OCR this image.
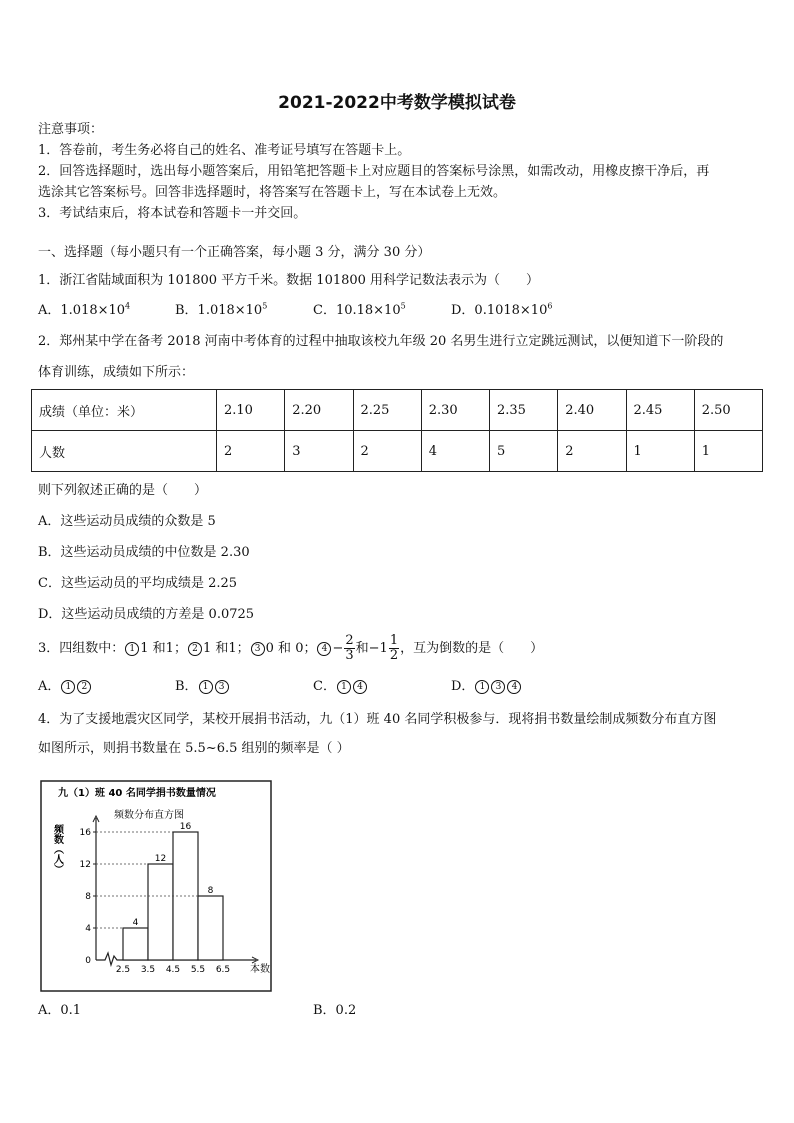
2021-2022中考数学模拟试卷
注意事项：
1．答卷前，考生务必将自己的姓名、准考证号填写在答题卡上。
2．回答选择题时，选出每小题答案后，用铅笔把答题卡上对应题目的答案标号涂黑，如需改动，用橡皮擦干净后，再
选涂其它答案标号。回答非选择题时，将答案写在答题卡上，写在本试卷上无效。
3．考试结束后，将本试卷和答题卡一并交回。
一、选择题（每小题只有一个正确答案，每小题 3 分，满分 30 分）
1．浙江省陆域面积为 101800 平方千米。数据 101800 用科学记数法表示为（　　）
A．$1.018\times 10^4$	B．$1.018\times 10^5$	C．$10.18\times 10^5$	D．$0.1018\times 10^6$
2．郑州某中学在备考 2018 河南中考体育的过程中抽取该校九年级 20 名男生进行立定跳远测试，以便知道下一阶段的
体育训练，成绩如下所示：
成绩（单位：米）	2.10	2.20	2.25	2.30	2.35	2.40	2.45	2.50
人数	2	3	2	4	5	2	1	1
则下列叙述正确的是（　　）
A．这些运动员成绩的众数是 5
B．这些运动员成绩的中位数是 2.30
C．这些运动员的平均成绩是 2.25
D．这些运动员成绩的方差是 0.0725
3．四组数中： 1 1 和1； 2 1 和1； 3 0 和 0； $4 - \frac{2}{3}$ 和$-1 \frac{1}{2}$ ，互为倒数的是（　　）
A． 1 2	B． 1 3	C． 1 4	D． 1 3 4
4．为了支援地震灾区同学，某校开展捐书活动，九（1）班 40 名同学积极参与．现将捐书数量绘制成频数分布直方图
如图所示，则捐书数量在 5.5~6.5 组别的频率是（ ）
九（1）班 40 名同学捐书数量情况
频数分布直方图
频数（人）
本数
0
4
8
12
16
4
12
16
8
2.5 3.5 4.5 5.5 6.5
A．0.1	B．0.2
